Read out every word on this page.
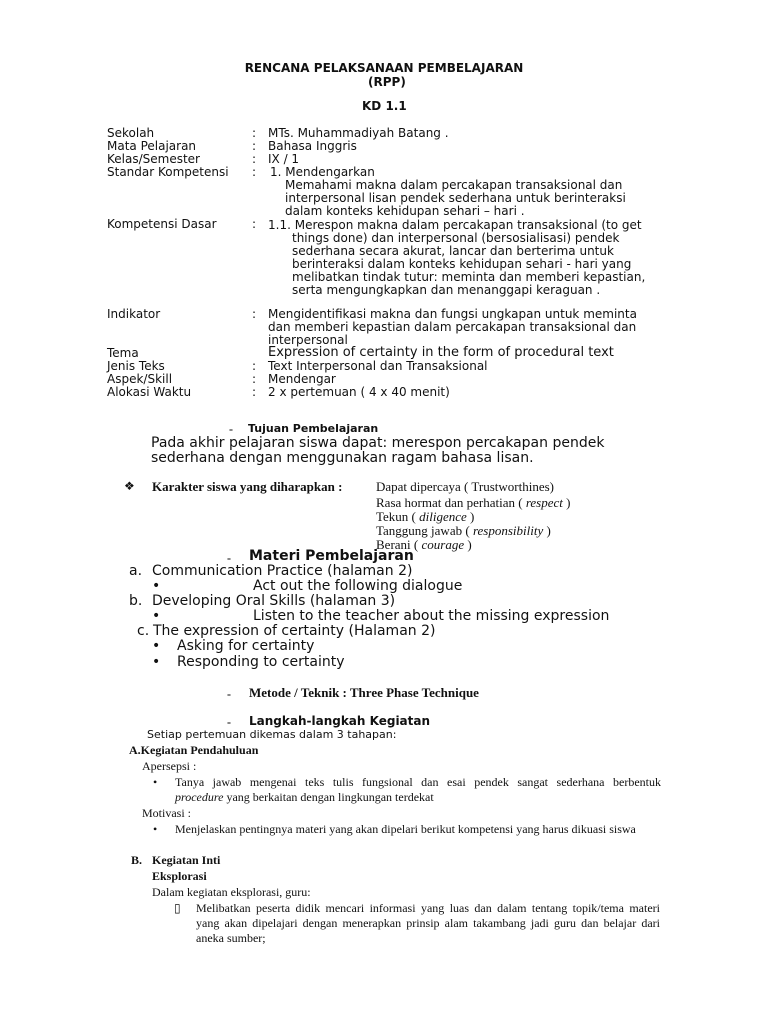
RENCANA PELAKSANAAN PEMBELAJARAN
(RPP)
KD 1.1
Sekolah	: MTs. Muhammadiyah Batang .
Mata Pelajaran	: Bahasa Inggris
Kelas/Semester	: IX / 1
Standar Kompetensi : 1. Mendengarkan
Memahami makna dalam percakapan transaksional dan
interpersonal lisan pendek sederhana untuk berinteraksi
dalam konteks kehidupan sehari – hari .
Kompetensi Dasar	: 1.1. Merespon makna dalam percakapan transaksional (to get
things done) dan interpersonal (bersosialisasi) pendek
sederhana secara akurat, lancar dan berterima untuk
berinteraksi dalam konteks kehidupan sehari - hari yang
melibatkan tindak tutur: meminta dan memberi kepastian,
serta mengungkapkan dan menanggapi keraguan .
Indikator	: Mengidentifikasi makna dan fungsi ungkapan untuk meminta
dan memberi kepastian dalam percakapan transaksional dan
interpersonal
Tema	Expression of certainty in the form of procedural text
Jenis Teks	: Text Interpersonal dan Transaksional
Aspek/Skill	: Mendengar
Alokasi Waktu	: 2 x pertemuan ( 4 x 40 menit)
- Tujuan Pembelajaran
Pada akhir pelajaran siswa dapat: merespon percakapan pendek
sederhana dengan menggunakan ragam bahasa lisan.
❖ Karakter siswa yang diharapkan :	Dapat dipercaya ( Trustworthines)
Rasa hormat dan perhatian ( respect )
Tekun ( diligence )
Tanggung jawab ( responsibility )
Berani ( courage )
- Materi Pembelajaran
a. Communication Practice (halaman 2)
•	Act out the following dialogue
b. Developing Oral Skills (halaman 3)
•	Listen to the teacher about the missing expression
c. The expression of certainty (Halaman 2)
• Asking for certainty
• Responding to certainty
- Metode / Teknik : Three Phase Technique
- Langkah-langkah Kegiatan
Setiap pertemuan dikemas dalam 3 tahapan:
A.Kegiatan Pendahuluan
Apersepsi :
• Tanya jawab mengenai teks tulis fungsional dan esai pendek sangat sederhana berbentuk
procedure yang berkaitan dengan lingkungan terdekat
Motivasi :
• Menjelaskan pentingnya materi yang akan dipelari berikut kompetensi yang harus dikuasi siswa
B. Kegiatan Inti
Eksplorasi
Dalam kegiatan eksplorasi, guru:
▯ Melibatkan peserta didik mencari informasi yang luas dan dalam tentang topik/tema materi
yang akan dipelajari dengan menerapkan prinsip alam takambang jadi guru dan belajar dari
aneka sumber;
